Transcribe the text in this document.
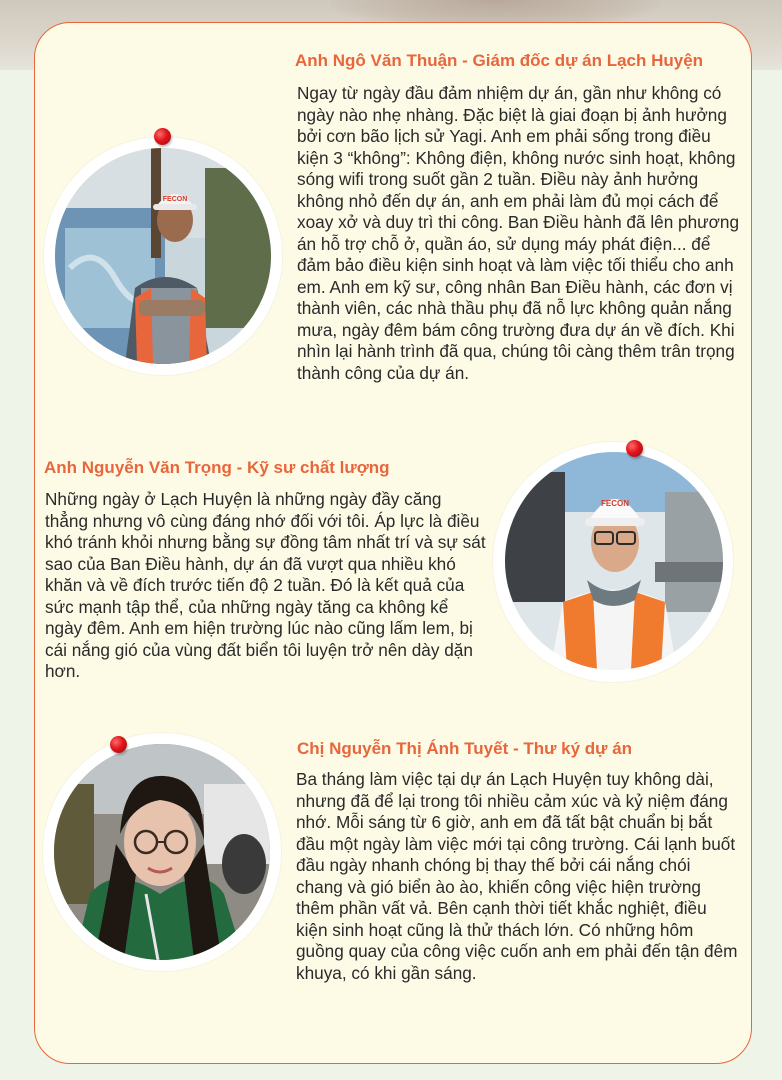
Anh Ngô Văn Thuận - Giám đốc dự án Lạch Huyện

Ngay từ ngày đầu đảm nhiệm dự án, gần như không có ngày nào nhẹ nhàng. Đặc biệt là giai đoạn bị ảnh hưởng bởi cơn bão lịch sử Yagi. Anh em phải sống trong điều kiện 3 “không”: Không điện, không nước sinh hoạt, không sóng wifi trong suốt gần 2 tuần. Điều này ảnh hưởng không nhỏ đến dự án, anh em phải làm đủ mọi cách để xoay xở và duy trì thi công. Ban Điều hành đã lên phương án hỗ trợ chỗ ở, quần áo, sử dụng máy phát điện... để đảm bảo điều kiện sinh hoạt và làm việc tối thiểu cho anh em. Anh em kỹ sư, công nhân Ban Điều hành, các đơn vị thành viên, các nhà thầu phụ đã nỗ lực không quản nắng mưa, ngày đêm bám công trường đưa dự án về đích. Khi nhìn lại hành trình đã qua, chúng tôi càng thêm trân trọng thành công của dự án.

FECON
Anh Nguyễn Văn Trọng - Kỹ sư chất lượng

Những ngày ở Lạch Huyện là những ngày đầy căng thẳng nhưng vô cùng đáng nhớ đối với tôi. Áp lực là điều khó tránh khỏi nhưng bằng sự đồng tâm nhất trí và sự sát sao của Ban Điều hành, dự án đã vượt qua nhiều khó khăn và về đích trước tiến độ 2 tuần. Đó là kết quả của sức mạnh tập thể, của những ngày tăng ca không kể ngày đêm. Anh em hiện trường lúc nào cũng lấm lem, bị cái nắng gió của vùng đất biển tôi luyện trở nên dày dặn hơn.

FECON
Chị Nguyễn Thị Ánh Tuyết - Thư ký dự án

Ba tháng làm việc tại dự án Lạch Huyện tuy không dài, nhưng đã để lại trong tôi nhiều cảm xúc và kỷ niệm đáng nhớ. Mỗi sáng từ 6 giờ, anh em đã tất bật chuẩn bị bắt đầu một ngày làm việc mới tại công trường. Cái lạnh buốt đầu ngày nhanh chóng bị thay thế bởi cái nắng chói chang và gió biển ào ào, khiến công việc hiện trường thêm phần vất vả. Bên cạnh thời tiết khắc nghiệt, điều kiện sinh hoạt cũng là thử thách lớn. Có những hôm guồng quay của công việc cuốn anh em phải đến tận đêm khuya, có khi gần sáng.
